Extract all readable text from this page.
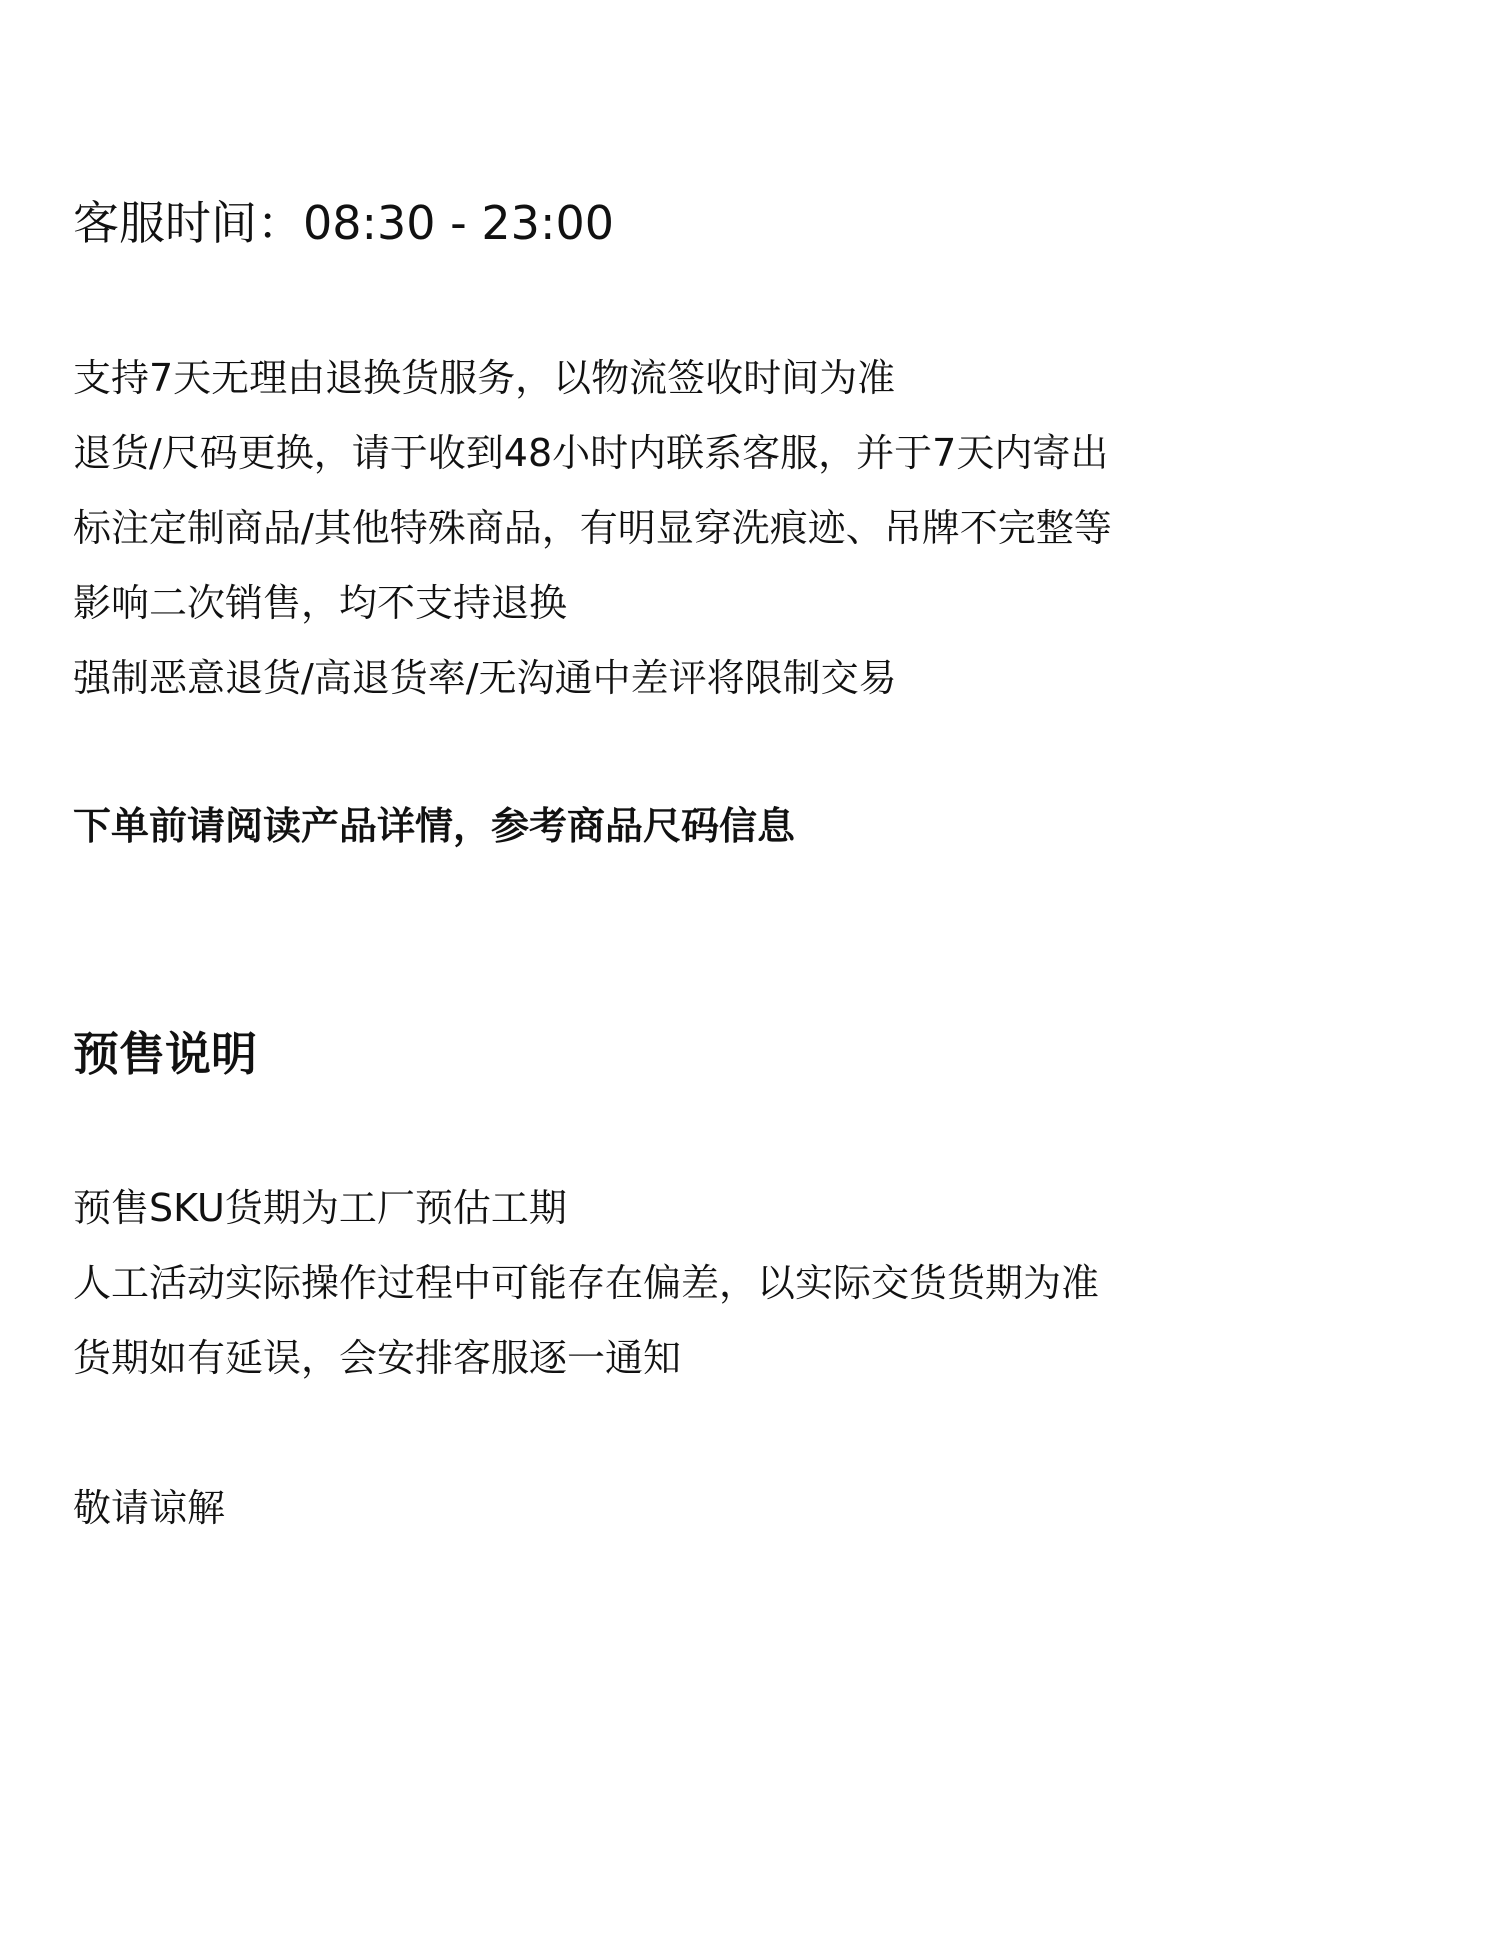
客服时间：08:30 - 23:00

支持7天无理由退换货服务，以物流签收时间为准

退货/尺码更换，请于收到48小时内联系客服，并于7天内寄出

标注定制商品/其他特殊商品，有明显穿洗痕迹、吊牌不完整等

影响二次销售，均不支持退换

强制恶意退货/高退货率/无沟通中差评将限制交易

下单前请阅读产品详情，参考商品尺码信息

预售说明

预售SKU货期为工厂预估工期

人工活动实际操作过程中可能存在偏差，以实际交货货期为准

货期如有延误，会安排客服逐一通知

敬请谅解
